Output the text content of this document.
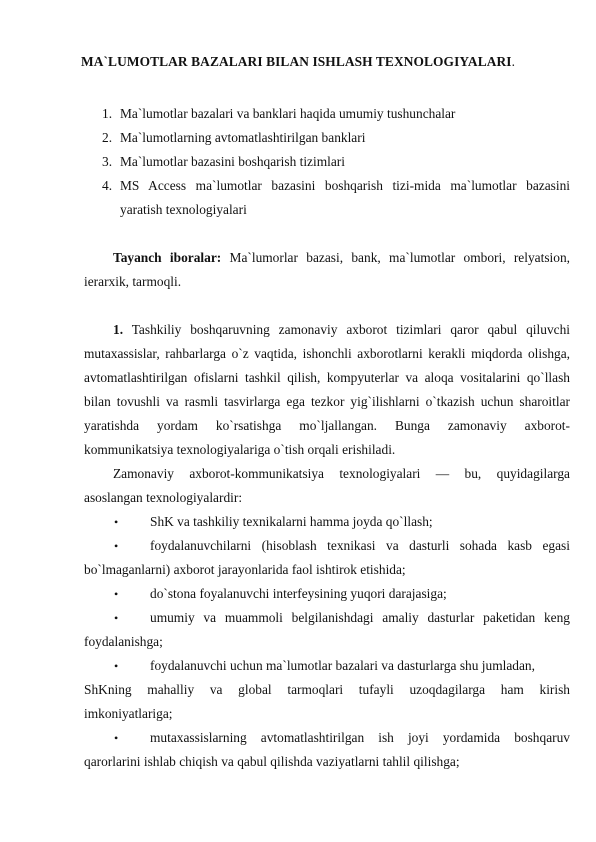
MA`LUMOTLAR BAZALARI BILAN ISHLASH TEXNOLOGIYALARI.
1. Ma`lumotlar bazalari va banklari haqida umumiy tushunchalar
2. Ma`lumotlarning avtomatlashtirilgan banklari
3. Ma`lumotlar bazasini boshqarish tizimlari
4. MS Access ma`lumotlar bazasini boshqarish tizi-mida ma`lumotlar bazasini
yaratish texnologiyalari
Tayanch iboralar: Ma`lumorlar bazasi, bank, ma`lumotlar ombori, relyatsion,
ierarxik, tarmoqli.
1. Tashkiliy boshqaruvning zamonaviy axborot tizimlari qaror qabul qiluvchi mutaxassislar, rahbarlarga o`z vaqtida, ishonchli axborotlarni kerakli miqdorda olishga, avtomatlashtirilgan ofislarni tashkil qilish, kompyuterlar va aloqa vositalarini qo`llash bilan tovushli va rasmli tasvirlarga ega tezkor yig`ilishlarni o`tkazish uchun sharoitlar yaratishda yordam ko`rsatishga mo`ljallangan. Bunga zamonaviy axborot-kommunikatsiya texnologiyalariga o`tish orqali erishiladi.
Zamonaviy axborot-kommunikatsiya texnologiyalari — bu, quyidagilarga
asoslangan texnologiyalardir:
•	ShK va tashkiliy texnikalarni hamma joyda qo`llash;
•	foydalanuvchilarni (hisoblash texnikasi va dasturli sohada kasb egasi
bo`lmaganlarni) axborot jarayonlarida faol ishtirok etishida;
•	do`stona foyalanuvchi interfeysining yuqori darajasiga;
•	umumiy va muammoli belgilanishdagi amaliy dasturlar paketidan keng
foydalanishga;
•	foydalanuvchi uchun ma`lumotlar bazalari va dasturlarga shu jumladan,
ShKning mahalliy va global tarmoqlari tufayli uzoqdagilarga ham kirish
imkoniyatlariga;
•	mutaxassislarning avtomatlashtirilgan ish joyi yordamida boshqaruv
qarorlarini ishlab chiqish va qabul qilishda vaziyatlarni tahlil qilishga;
